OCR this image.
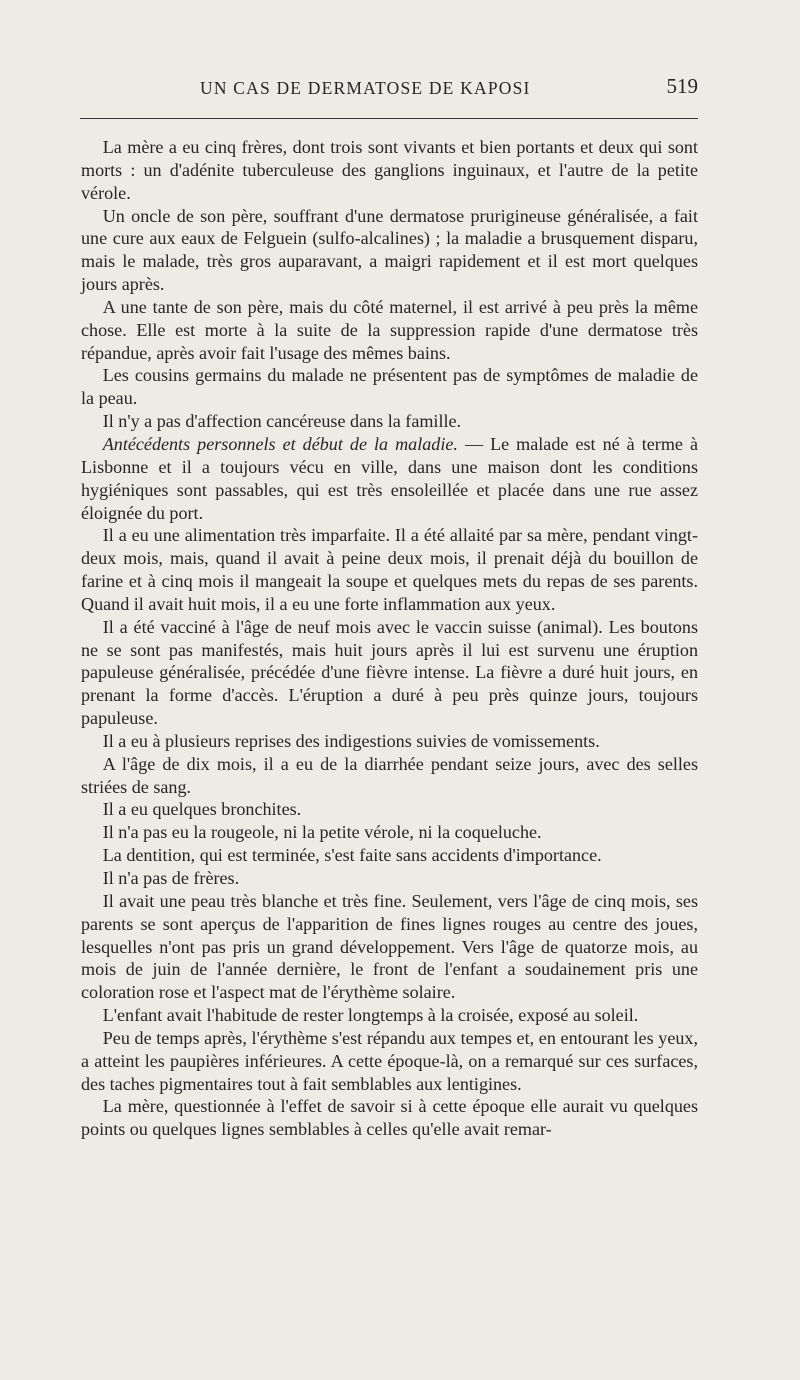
UN CAS DE DERMATOSE DE KAPOSI	519

La mère a eu cinq frères, dont trois sont vivants et bien portants et deux qui sont morts : un d'adénite tuberculeuse des ganglions inguinaux, et l'autre de la petite vérole.

Un oncle de son père, souffrant d'une dermatose prurigineuse généralisée, a fait une cure aux eaux de Felguein (sulfo-alcalines) ; la maladie a brusquement disparu, mais le malade, très gros auparavant, a maigri rapidement et il est mort quelques jours après.

A une tante de son père, mais du côté maternel, il est arrivé à peu près la même chose. Elle est morte à la suite de la suppression rapide d'une dermatose très répandue, après avoir fait l'usage des mêmes bains.

Les cousins germains du malade ne présentent pas de symptômes de maladie de la peau.

Il n'y a pas d'affection cancéreuse dans la famille.

Antécédents personnels et début de la maladie. — Le malade est né à terme à Lisbonne et il a toujours vécu en ville, dans une maison dont les conditions hygiéniques sont passables, qui est très ensoleillée et placée dans une rue assez éloignée du port.

Il a eu une alimentation très imparfaite. Il a été allaité par sa mère, pendant vingt-deux mois, mais, quand il avait à peine deux mois, il prenait déjà du bouillon de farine et à cinq mois il mangeait la soupe et quelques mets du repas de ses parents. Quand il avait huit mois, il a eu une forte inflammation aux yeux.

Il a été vacciné à l'âge de neuf mois avec le vaccin suisse (animal). Les boutons ne se sont pas manifestés, mais huit jours après il lui est survenu une éruption papuleuse généralisée, précédée d'une fièvre intense. La fièvre a duré huit jours, en prenant la forme d'accès. L'éruption a duré à peu près quinze jours, toujours papuleuse.

Il a eu à plusieurs reprises des indigestions suivies de vomissements.

A l'âge de dix mois, il a eu de la diarrhée pendant seize jours, avec des selles striées de sang.

Il a eu quelques bronchites.

Il n'a pas eu la rougeole, ni la petite vérole, ni la coqueluche.

La dentition, qui est terminée, s'est faite sans accidents d'importance.

Il n'a pas de frères.

Il avait une peau très blanche et très fine. Seulement, vers l'âge de cinq mois, ses parents se sont aperçus de l'apparition de fines lignes rouges au centre des joues, lesquelles n'ont pas pris un grand développement. Vers l'âge de quatorze mois, au mois de juin de l'année dernière, le front de l'enfant a soudainement pris une coloration rose et l'aspect mat de l'érythème solaire.

L'enfant avait l'habitude de rester longtemps à la croisée, exposé au soleil.

Peu de temps après, l'érythème s'est répandu aux tempes et, en entourant les yeux, a atteint les paupières inférieures. A cette époque-là, on a remarqué sur ces surfaces, des taches pigmentaires tout à fait semblables aux lentigines.

La mère, questionnée à l'effet de savoir si à cette époque elle aurait vu quelques points ou quelques lignes semblables à celles qu'elle avait remar-
